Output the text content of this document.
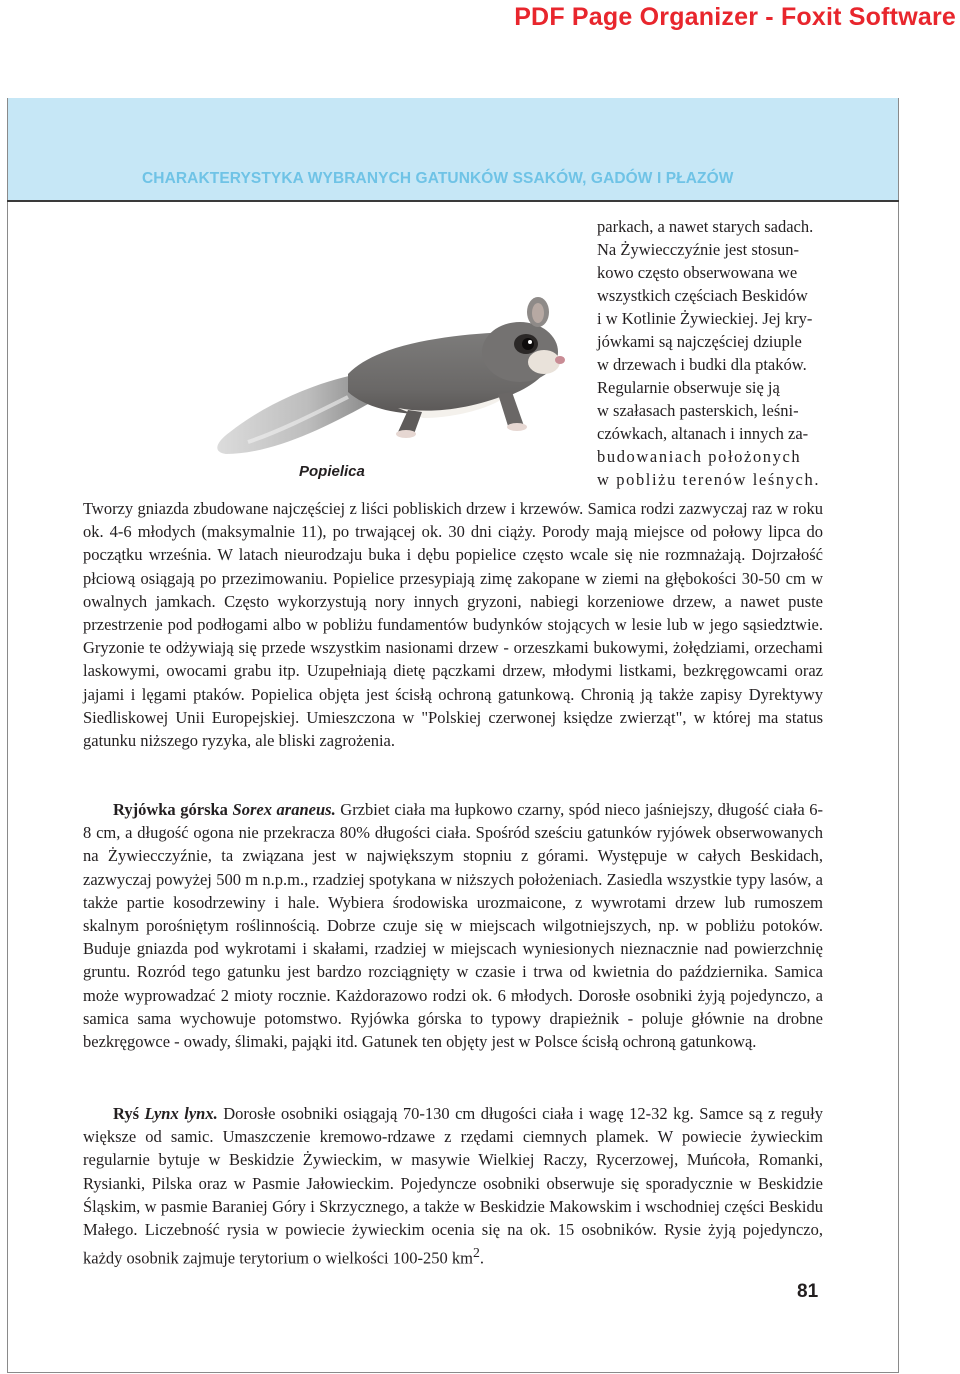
PDF Page Organizer - Foxit Software
CHARAKTERYSTYKA WYBRANYCH GATUNKÓW SSAKÓW, GADÓW I PŁAZÓW
Popielica

parkach, a nawet starych sadach.
Na Żywiecczyźnie jest stosun-
kowo często obserwowana we
wszystkich częściach Beskidów
i w Kotlinie Żywieckiej. Jej kry-
jówkami są najczęściej dziuple
w drzewach i budki dla ptaków.
Regularnie obserwuje się ją
w szałasach pasterskich, leśni-
czówkach, altanach i innych za-
budowaniach położonych
w pobliżu terenów leśnych.

Tworzy gniazda zbudowane najczęściej z liści pobliskich drzew i krzewów. Samica rodzi zazwyczaj raz w roku ok. 4-6 młodych (maksymalnie 11), po trwającej ok. 30 dni ciąży. Porody mają miejsce od połowy lipca do początku września. W latach nieurodzaju buka i dębu popielice często wcale się nie rozmnażają. Dojrzałość płciową osiągają po przezimowaniu. Popielice przesypiają zimę zakopane w ziemi na głębokości 30-50 cm w owalnych jamkach. Często wykorzystują nory innych gryzoni, nabiegi korzeniowe drzew, a nawet puste przestrzenie pod podłogami albo w pobliżu fundamentów budynków stojących w lesie lub w jego sąsiedztwie. Gryzonie te odżywiają się przede wszystkim nasionami drzew - orzeszkami bukowymi, żołędziami, orzechami laskowymi, owocami grabu itp. Uzupełniają dietę pączkami drzew, młodymi listkami, bezkręgowcami oraz jajami i lęgami ptaków. Popielica objęta jest ścisłą ochroną gatunkową. Chronią ją także zapisy Dyrektywy Siedliskowej Unii Europejskiej. Umieszczona w "Polskiej czerwonej księdze zwierząt", w której ma status gatunku niższego ryzyka, ale bliski zagrożenia.

Ryjówka górska Sorex araneus. Grzbiet ciała ma łupkowo czarny, spód nieco jaśniejszy, długość ciała 6-8 cm, a długość ogona nie przekracza 80% długości ciała. Spośród sześciu gatunków ryjówek obserwowanych na Żywiecczyźnie, ta związana jest w największym stopniu z górami. Występuje w całych Beskidach, zazwyczaj powyżej 500 m n.p.m., rzadziej spotykana w niższych położeniach. Zasiedla wszystkie typy lasów, a także partie kosodrzewiny i hale. Wybiera środowiska urozmaicone, z wywrotami drzew lub rumoszem skalnym porośniętym roślinnością. Dobrze czuje się w miejscach wilgotniejszych, np. w pobliżu potoków. Buduje gniazda pod wykrotami i skałami, rzadziej w miejscach wyniesionych nieznacznie nad powierzchnię gruntu. Rozród tego gatunku jest bardzo rozciągnięty w czasie i trwa od kwietnia do października. Samica może wyprowadzać 2 mioty rocznie. Każdorazowo rodzi ok. 6 młodych. Dorosłe osobniki żyją pojedynczo, a samica sama wychowuje potomstwo. Ryjówka górska to typowy drapieżnik - poluje głównie na drobne bezkręgowce - owady, ślimaki, pająki itd. Gatunek ten objęty jest w Polsce ścisłą ochroną gatunkową.

Ryś Lynx lynx. Dorosłe osobniki osiągają 70-130 cm długości ciała i wagę 12-32 kg. Samce są z reguły większe od samic. Umaszczenie kremowo-rdzawe z rzędami ciemnych plamek. W powiecie żywieckim regularnie bytuje w Beskidzie Żywieckim, w masywie Wielkiej Raczy, Rycerzowej, Muńcoła, Romanki, Rysianki, Pilska oraz w Pasmie Jałowieckim. Pojedyncze osobniki obserwuje się sporadycznie w Beskidzie Śląskim, w pasmie Baraniej Góry i Skrzycznego, a także w Beskidzie Makowskim i wschodniej części Beskidu Małego. Liczebność rysia w powiecie żywieckim ocenia się na ok. 15 osobników. Rysie żyją pojedynczo, każdy osobnik zajmuje terytorium o wielkości 100-250 $km^2$.

81
